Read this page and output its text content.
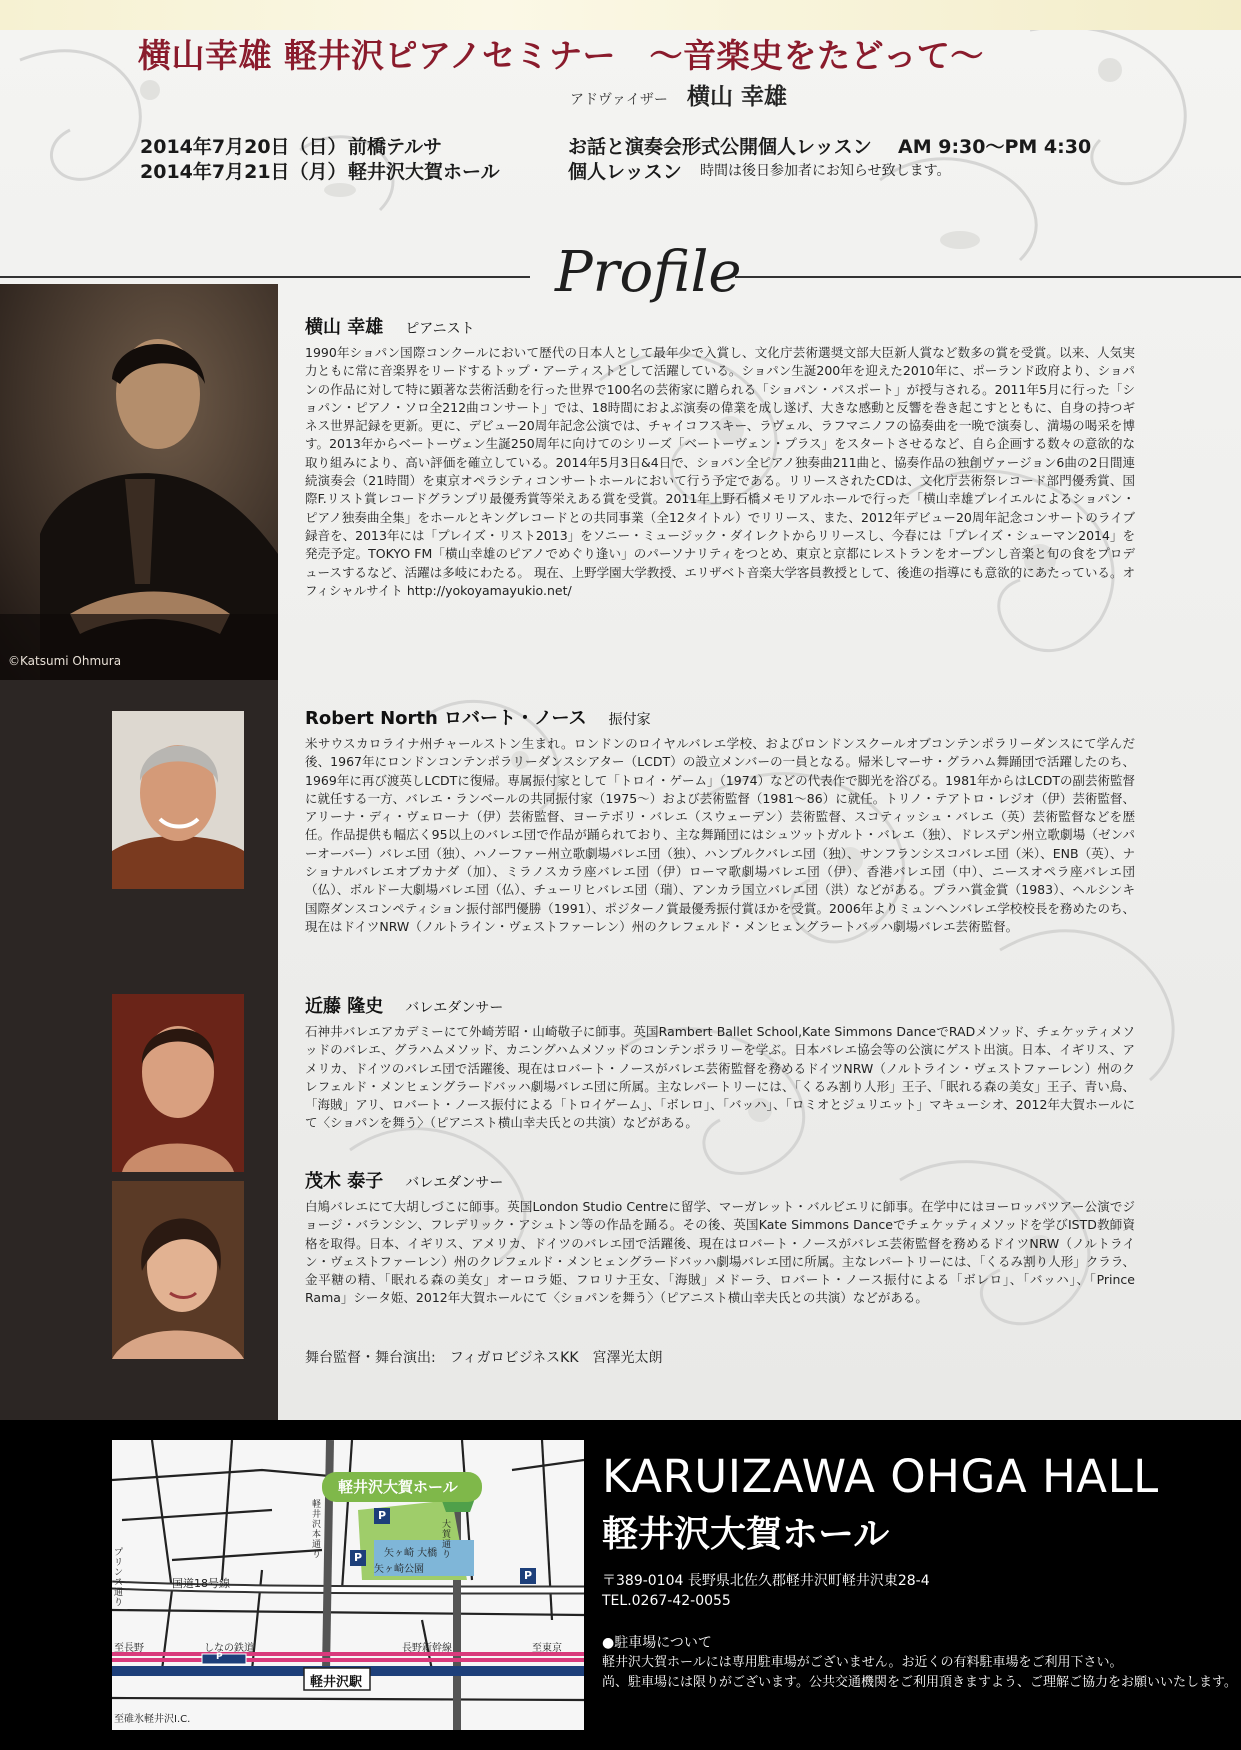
横山幸雄 軽井沢ピアノセミナー　～音楽史をたどって～
アドヴァイザー 横山 幸雄
2014年7月20日（日） 前橋テルサ	お話と演奏会形式公開個人レッスン AM 9:30～PM 4:30
2014年7月21日（月） 軽井沢大賀ホール	個人レッスン 時間は後日参加者にお知らせ致します。
Profile
©Katsumi Ohmura
横山 幸雄 ピアニスト
1990年ショパン国際コンクールにおいて歴代の日本人として最年少で入賞し、文化庁芸術選奨文部大臣新人賞など数多の賞を受賞。以来、人気実力ともに常に音楽界をリードするトップ・アーティストとして活躍している。ショパン生誕200年を迎えた2010年に、ポーランド政府より、ショパンの作品に対して特に顕著な芸術活動を行った世界で100名の芸術家に贈られる「ショパン・パスポート」が授与される。2011年5月に行った「ショパン・ピアノ・ソロ全212曲コンサート」では、18時間におよぶ演奏の偉業を成し遂げ、大きな感動と反響を巻き起こすとともに、自身の持つギネス世界記録を更新。更に、デビュー20周年記念公演では、チャイコフスキー、ラヴェル、ラフマニノフの協奏曲を一晩で演奏し、満場の喝采を博す。2013年からベートーヴェン生誕250周年に向けてのシリーズ「ベートーヴェン・プラス」をスタートさせるなど、自ら企画する数々の意欲的な取り組みにより、高い評価を確立している。2014年5月3日&4日で、ショパン全ピアノ独奏曲211曲と、協奏作品の独創ヴァージョン6曲の2日間連続演奏会（21時間）を東京オペラシティコンサートホールにおいて行う予定である。リリースされたCDは、文化庁芸術祭レコード部門優秀賞、国際F.リスト賞レコードグランプリ最優秀賞等栄えある賞を受賞。2011年上野石橋メモリアルホールで行った「横山幸雄プレイエルによるショパン・ピアノ独奏曲全集」をホールとキングレコードとの共同事業（全12タイトル）でリリース、また、2012年デビュー20周年記念コンサートのライブ録音を、2013年には「プレイズ・リスト2013」をソニー・ミュージック・ダイレクトからリリースし、今春には「プレイズ・シューマン2014」を発売予定。TOKYO FM「横山幸雄のピアノでめぐり逢い」のパーソナリティをつとめ、東京と京都にレストランをオープンし音楽と旬の食をプロデュースするなど、活躍は多岐にわたる。 現在、上野学園大学教授、エリザベト音楽大学客員教授として、後進の指導にも意欲的にあたっている。オフィシャルサイト http://yokoyamayukio.net/
Robert North ロバート・ノース 振付家
米サウスカロライナ州チャールストン生まれ。ロンドンのロイヤルバレエ学校、およびロンドンスクールオブコンテンポラリーダンスにて学んだ後、1967年にロンドンコンテンポラリーダンスシアター（LCDT）の設立メンバーの一員となる。帰米しマーサ・グラハム舞踊団で活躍したのち、1969年に再び渡英しLCDTに復帰。専属振付家として「トロイ・ゲーム」（1974）などの代表作で脚光を浴びる。1981年からはLCDTの副芸術監督に就任する一方、バレエ・ランベールの共同振付家（1975～）および芸術監督（1981～86）に就任。トリノ・テアトロ・レジオ（伊）芸術監督、アリーナ・ディ・ヴェローナ（伊）芸術監督、ヨーテボリ・バレエ（スウェーデン）芸術監督、スコティッシュ・バレエ（英）芸術監督などを歴任。作品提供も幅広く95以上のバレエ団で作品が踊られており、主な舞踊団にはシュツットガルト・バレエ（独）、ドレスデン州立歌劇場（ゼンパーオーバー）バレエ団（独）、ハノーファー州立歌劇場バレエ団（独）、ハンブルクバレエ団（独）、サンフランシスコバレエ団（米）、ENB（英）、ナショナルバレエオブカナダ（加）、ミラノスカラ座バレエ団（伊）ローマ歌劇場バレエ団（伊）、香港バレエ団（中）、ニースオペラ座バレエ団（仏）、ボルドー大劇場バレエ団（仏）、チューリヒバレエ団（瑞）、アンカラ国立バレエ団（洪）などがある。プラハ賞金賞（1983）、ヘルシンキ国際ダンスコンペティション振付部門優勝（1991）、ポジターノ賞最優秀振付賞ほかを受賞。2006年よりミュンヘンバレエ学校校長を務めたのち、現在はドイツNRW（ノルトライン・ヴェストファーレン）州のクレフェルド・メンヒェングラートバッハ劇場バレエ芸術監督。
近藤 隆史 バレエダンサー
石神井バレエアカデミーにて外崎芳昭・山崎敬子に師事。英国Rambert Ballet School,Kate Simmons DanceでRADメソッド、チェケッティメソッドのバレエ、グラハムメソッド、カニングハムメソッドのコンテンポラリーを学ぶ。日本バレエ協会等の公演にゲスト出演。日本、イギリス、アメリカ、ドイツのバレエ団で活躍後、現在はロバート・ノースがバレエ芸術監督を務めるドイツNRW（ノルトライン・ヴェストファーレン）州のクレフェルド・メンヒェングラードバッハ劇場バレエ団に所属。主なレパートリーには、「くるみ割り人形」王子、「眠れる森の美女」王子、青い鳥、「海賊」アリ、ロバート・ノース振付による「トロイゲーム」、「ボレロ」、「バッハ」、「ロミオとジュリエット」マキューシオ、2012年大賀ホールにて〈ショパンを舞う〉（ピアニスト横山幸夫氏との共演）などがある。
茂木 泰子 バレエダンサー
白鳩バレエにて大胡しづこに師事。英国London Studio Centreに留学、マーガレット・バルビエリに師事。在学中にはヨーロッパツアー公演でジョージ・バランシン、フレデリック・アシュトン等の作品を踊る。その後、英国Kate Simmons Danceでチェケッティメソッドを学びISTD教師資格を取得。日本、イギリス、アメリカ、ドイツのバレエ団で活躍後、現在はロバート・ノースがバレエ芸術監督を務めるドイツNRW（ノルトライン・ヴェストファーレン）州のクレフェルド・メンヒェングラードバッハ劇場バレエ団に所属。主なレパートリーには、「くるみ割り人形」クララ、金平糖の精、「眠れる森の美女」オーロラ姫、フロリナ王女、「海賊」メドーラ、ロバート・ノース振付による「ボレロ」、「バッハ」、「Prince Rama」シータ姫、2012年大賀ホールにて〈ショパンを舞う〉（ピアニスト横山幸夫氏との共演）などがある。
舞台監督・舞台演出:　フィガロビジネスKK　宮澤光太朗
軽井沢大賀ホール
軽井沢駅
国道18号線
プリンス通り
軽井沢本通り
大賀通り
矢ヶ崎 大橋
矢ヶ崎公園
至長野	しなの鉄道	長野新幹線	至東京
至碓氷軽井沢I.C.
P
P
P
P
KARUIZAWA OHGA HALL
軽井沢大賀ホール
〒389-0104 長野県北佐久郡軽井沢町軽井沢東28-4
TEL.0267-42-0055
●駐車場について
軽井沢大賀ホールには専用駐車場がございません。お近くの有料駐車場をご利用下さい。
尚、駐車場には限りがございます。公共交通機関をご利用頂きますよう、ご理解ご協力をお願いいたします。
